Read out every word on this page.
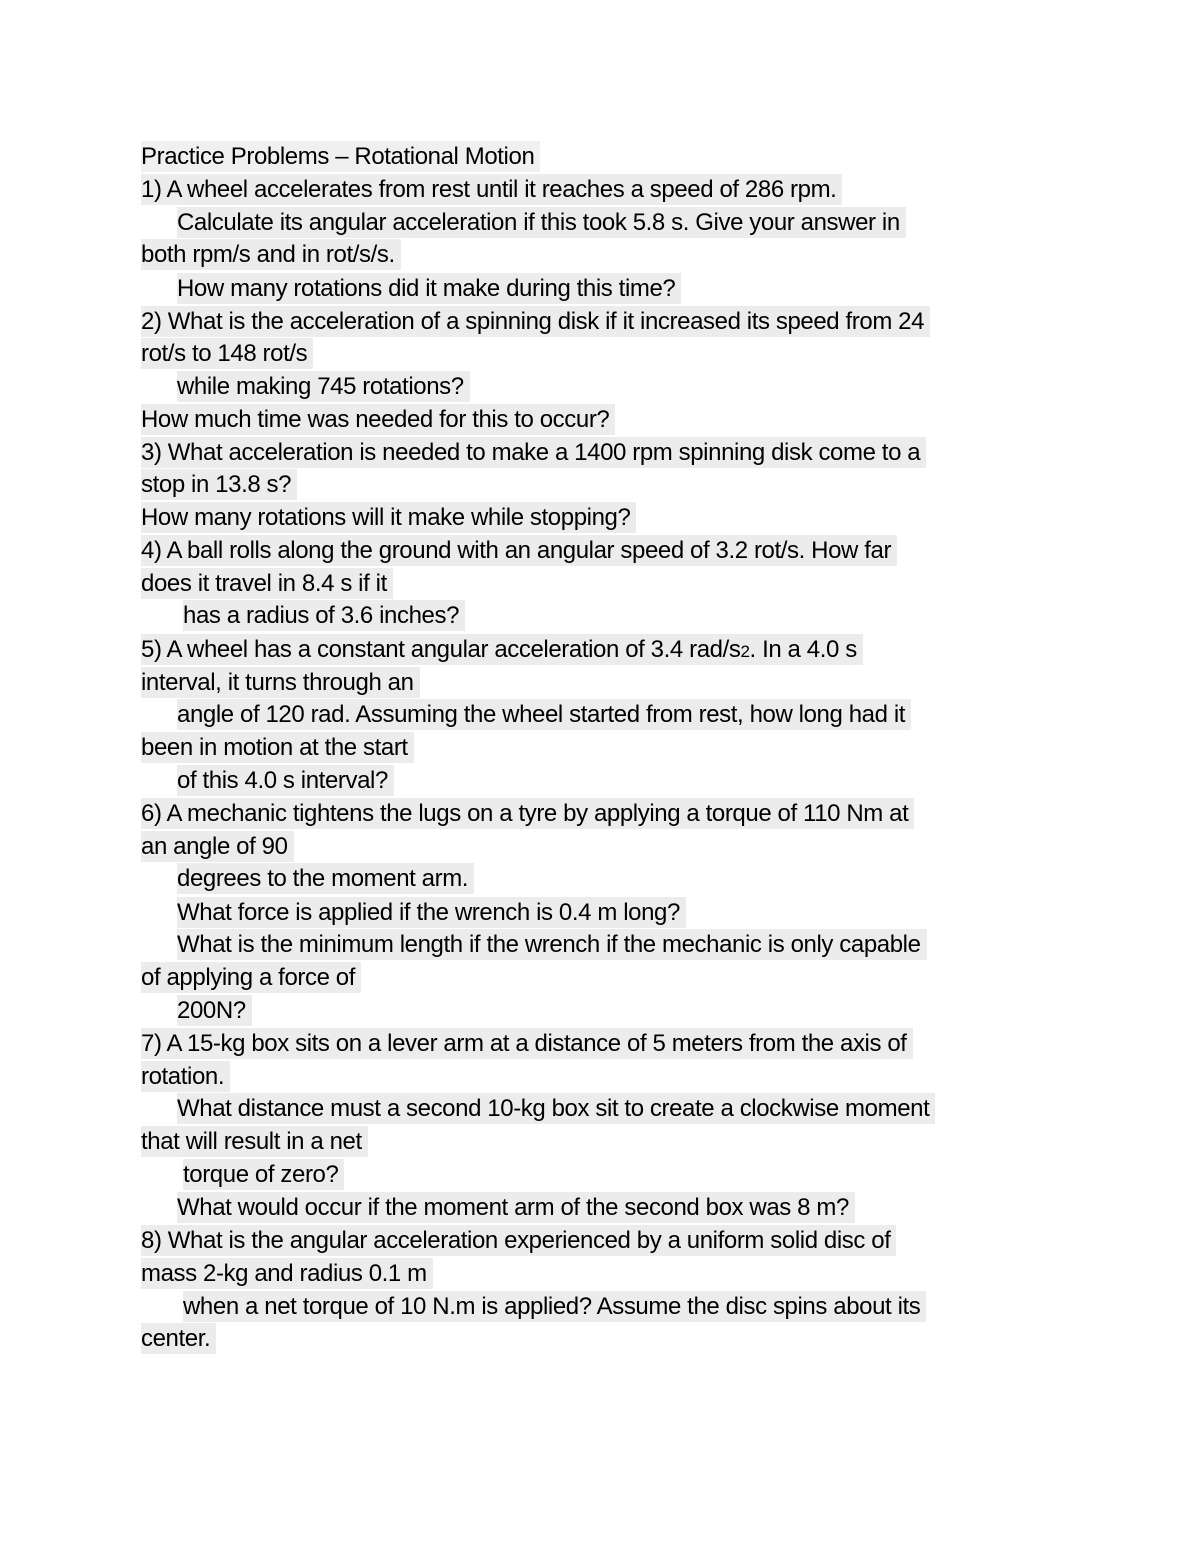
Practice Problems – Rotational Motion
1) A wheel accelerates from rest until it reaches a speed of 286 rpm.
Calculate its angular acceleration if this took 5.8 s. Give your answer in
both rpm/s and in rot/s/s.
How many rotations did it make during this time?
2) What is the acceleration of a spinning disk if it increased its speed from 24
rot/s to 148 rot/s
while making 745 rotations?
How much time was needed for this to occur?
3) What acceleration is needed to make a 1400 rpm spinning disk come to a
stop in 13.8 s?
How many rotations will it make while stopping?
4) A ball rolls along the ground with an angular speed of 3.2 rot/s. How far
does it travel in 8.4 s if it
has a radius of 3.6 inches?
5) A wheel has a constant angular acceleration of 3.4 rad/s2. In a 4.0 s
interval, it turns through an
angle of 120 rad. Assuming the wheel started from rest, how long had it
been in motion at the start
of this 4.0 s interval?
6) A mechanic tightens the lugs on a tyre by applying a torque of 110 Nm at
an angle of 90
degrees to the moment arm.
What force is applied if the wrench is 0.4 m long?
What is the minimum length if the wrench if the mechanic is only capable
of applying a force of
200N?
7) A 15-kg box sits on a lever arm at a distance of 5 meters from the axis of
rotation.
What distance must a second 10-kg box sit to create a clockwise moment
that will result in a net
torque of zero?
What would occur if the moment arm of the second box was 8 m?
8) What is the angular acceleration experienced by a uniform solid disc of
mass 2-kg and radius 0.1 m
when a net torque of 10 N.m is applied? Assume the disc spins about its
center.
